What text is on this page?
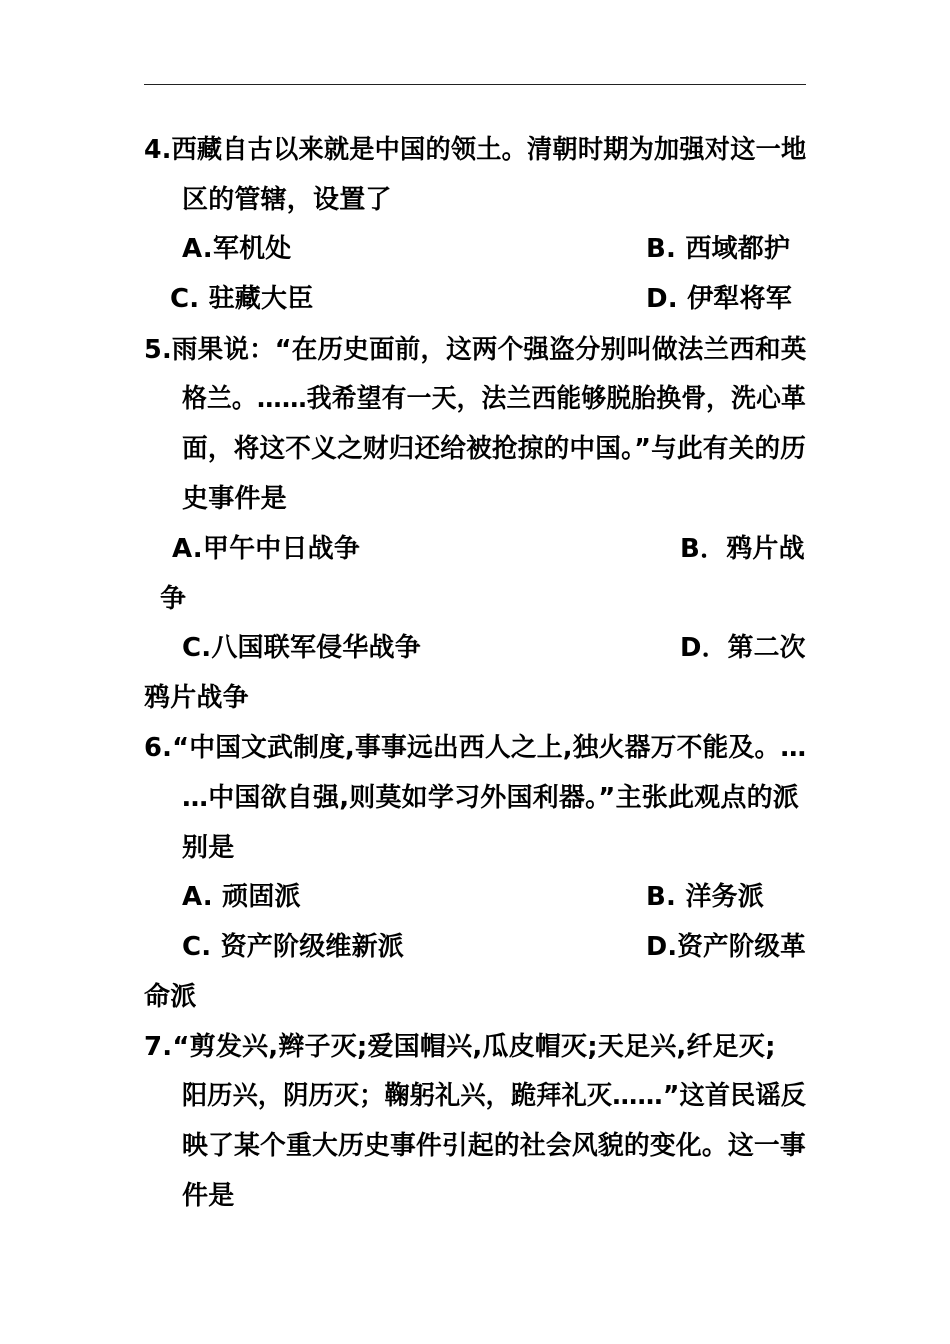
4.西藏自古以来就是中国的领土。清朝时期为加强对这一地
区的管辖，设置了
A.军机处	B. 西域都护
C. 驻藏大臣	D. 伊犁将军
5.雨果说：“在历史面前，这两个强盗分别叫做法兰西和英
格兰。……我希望有一天，法兰西能够脱胎换骨，洗心革
面，将这不义之财归还给被抢掠的中国。”与此有关的历
史事件是
A.甲午中日战争	B．鸦片战
争
C.八国联军侵华战争	D．第二次
鸦片战争
6.“中国文武制度,事事远出西人之上,独火器万不能及。…
…中国欲自强,则莫如学习外国利器。”主张此观点的派
别是
A. 顽固派	B. 洋务派
C. 资产阶级维新派	D.资产阶级革
命派
7.“剪发兴,辫子灭;爱国帽兴,瓜皮帽灭;天足兴,纤足灭;
阳历兴，阴历灭；鞠躬礼兴，跪拜礼灭……”这首民谣反
映了某个重大历史事件引起的社会风貌的变化。这一事
件是
